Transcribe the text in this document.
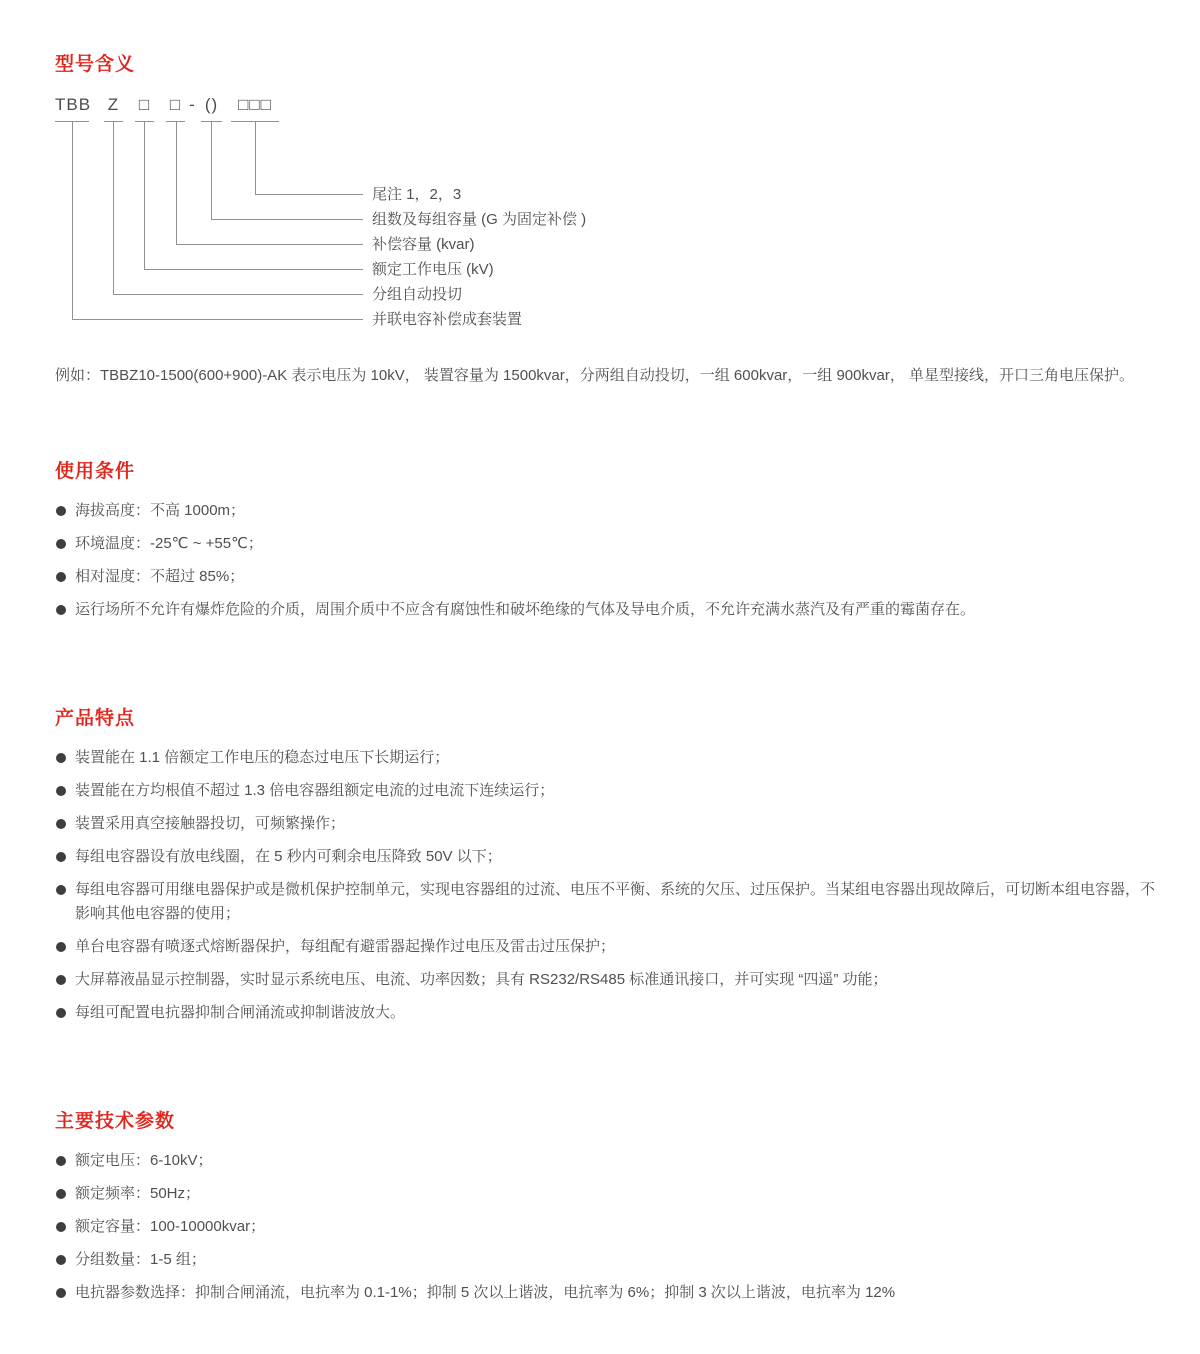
型号含义
TBB Z □ □ - ()	□□□
尾注 1，2，3
组数及每组容量 (G 为固定补偿 )
补偿容量 (kvar)
额定工作电压 (kV)
分组自动投切
并联电容补偿成套装置

例如：TBBZ10-1500(600+900)-AK 表示电压为 10kV， 装置容量为 1500kvar，分两组自动投切，一组 600kvar，一组 900kvar， 单星型接线，开口三角电压保护。

使用条件
海拔高度：不高 1000m；
环境温度：-25℃ ~ +55℃；
相对湿度：不超过 85%；
运行场所不允许有爆炸危险的介质，周围介质中不应含有腐蚀性和破坏绝缘的气体及导电介质，不允许充满水蒸汽及有严重的霉菌存在。
产品特点
装置能在 1.1 倍额定工作电压的稳态过电压下长期运行；
装置能在方均根值不超过 1.3 倍电容器组额定电流的过电流下连续运行；
装置采用真空接触器投切，可频繁操作；
每组电容器设有放电线圈，在 5 秒内可剩余电压降致 50V 以下；
每组电容器可用继电器保护或是微机保护控制单元，实现电容器组的过流、电压不平衡、系统的欠压、过压保护。当某组电容器出现故障后，可切断本组电容器，不影响其他电容器的使用；
单台电容器有喷逐式熔断器保护，每组配有避雷器起操作过电压及雷击过压保护；
大屏幕液晶显示控制器，实时显示系统电压、电流、功率因数；具有 RS232/RS485 标准通讯接口，并可实现 “四遥” 功能；
每组可配置电抗器抑制合闸涌流或抑制谐波放大。
主要技术参数
额定电压：6-10kV；
额定频率：50Hz；
额定容量：100-10000kvar；
分组数量：1-5 组；
电抗器参数选择：抑制合闸涌流，电抗率为 0.1-1%；抑制 5 次以上谐波，电抗率为 6%；抑制 3 次以上谐波，电抗率为 12%
